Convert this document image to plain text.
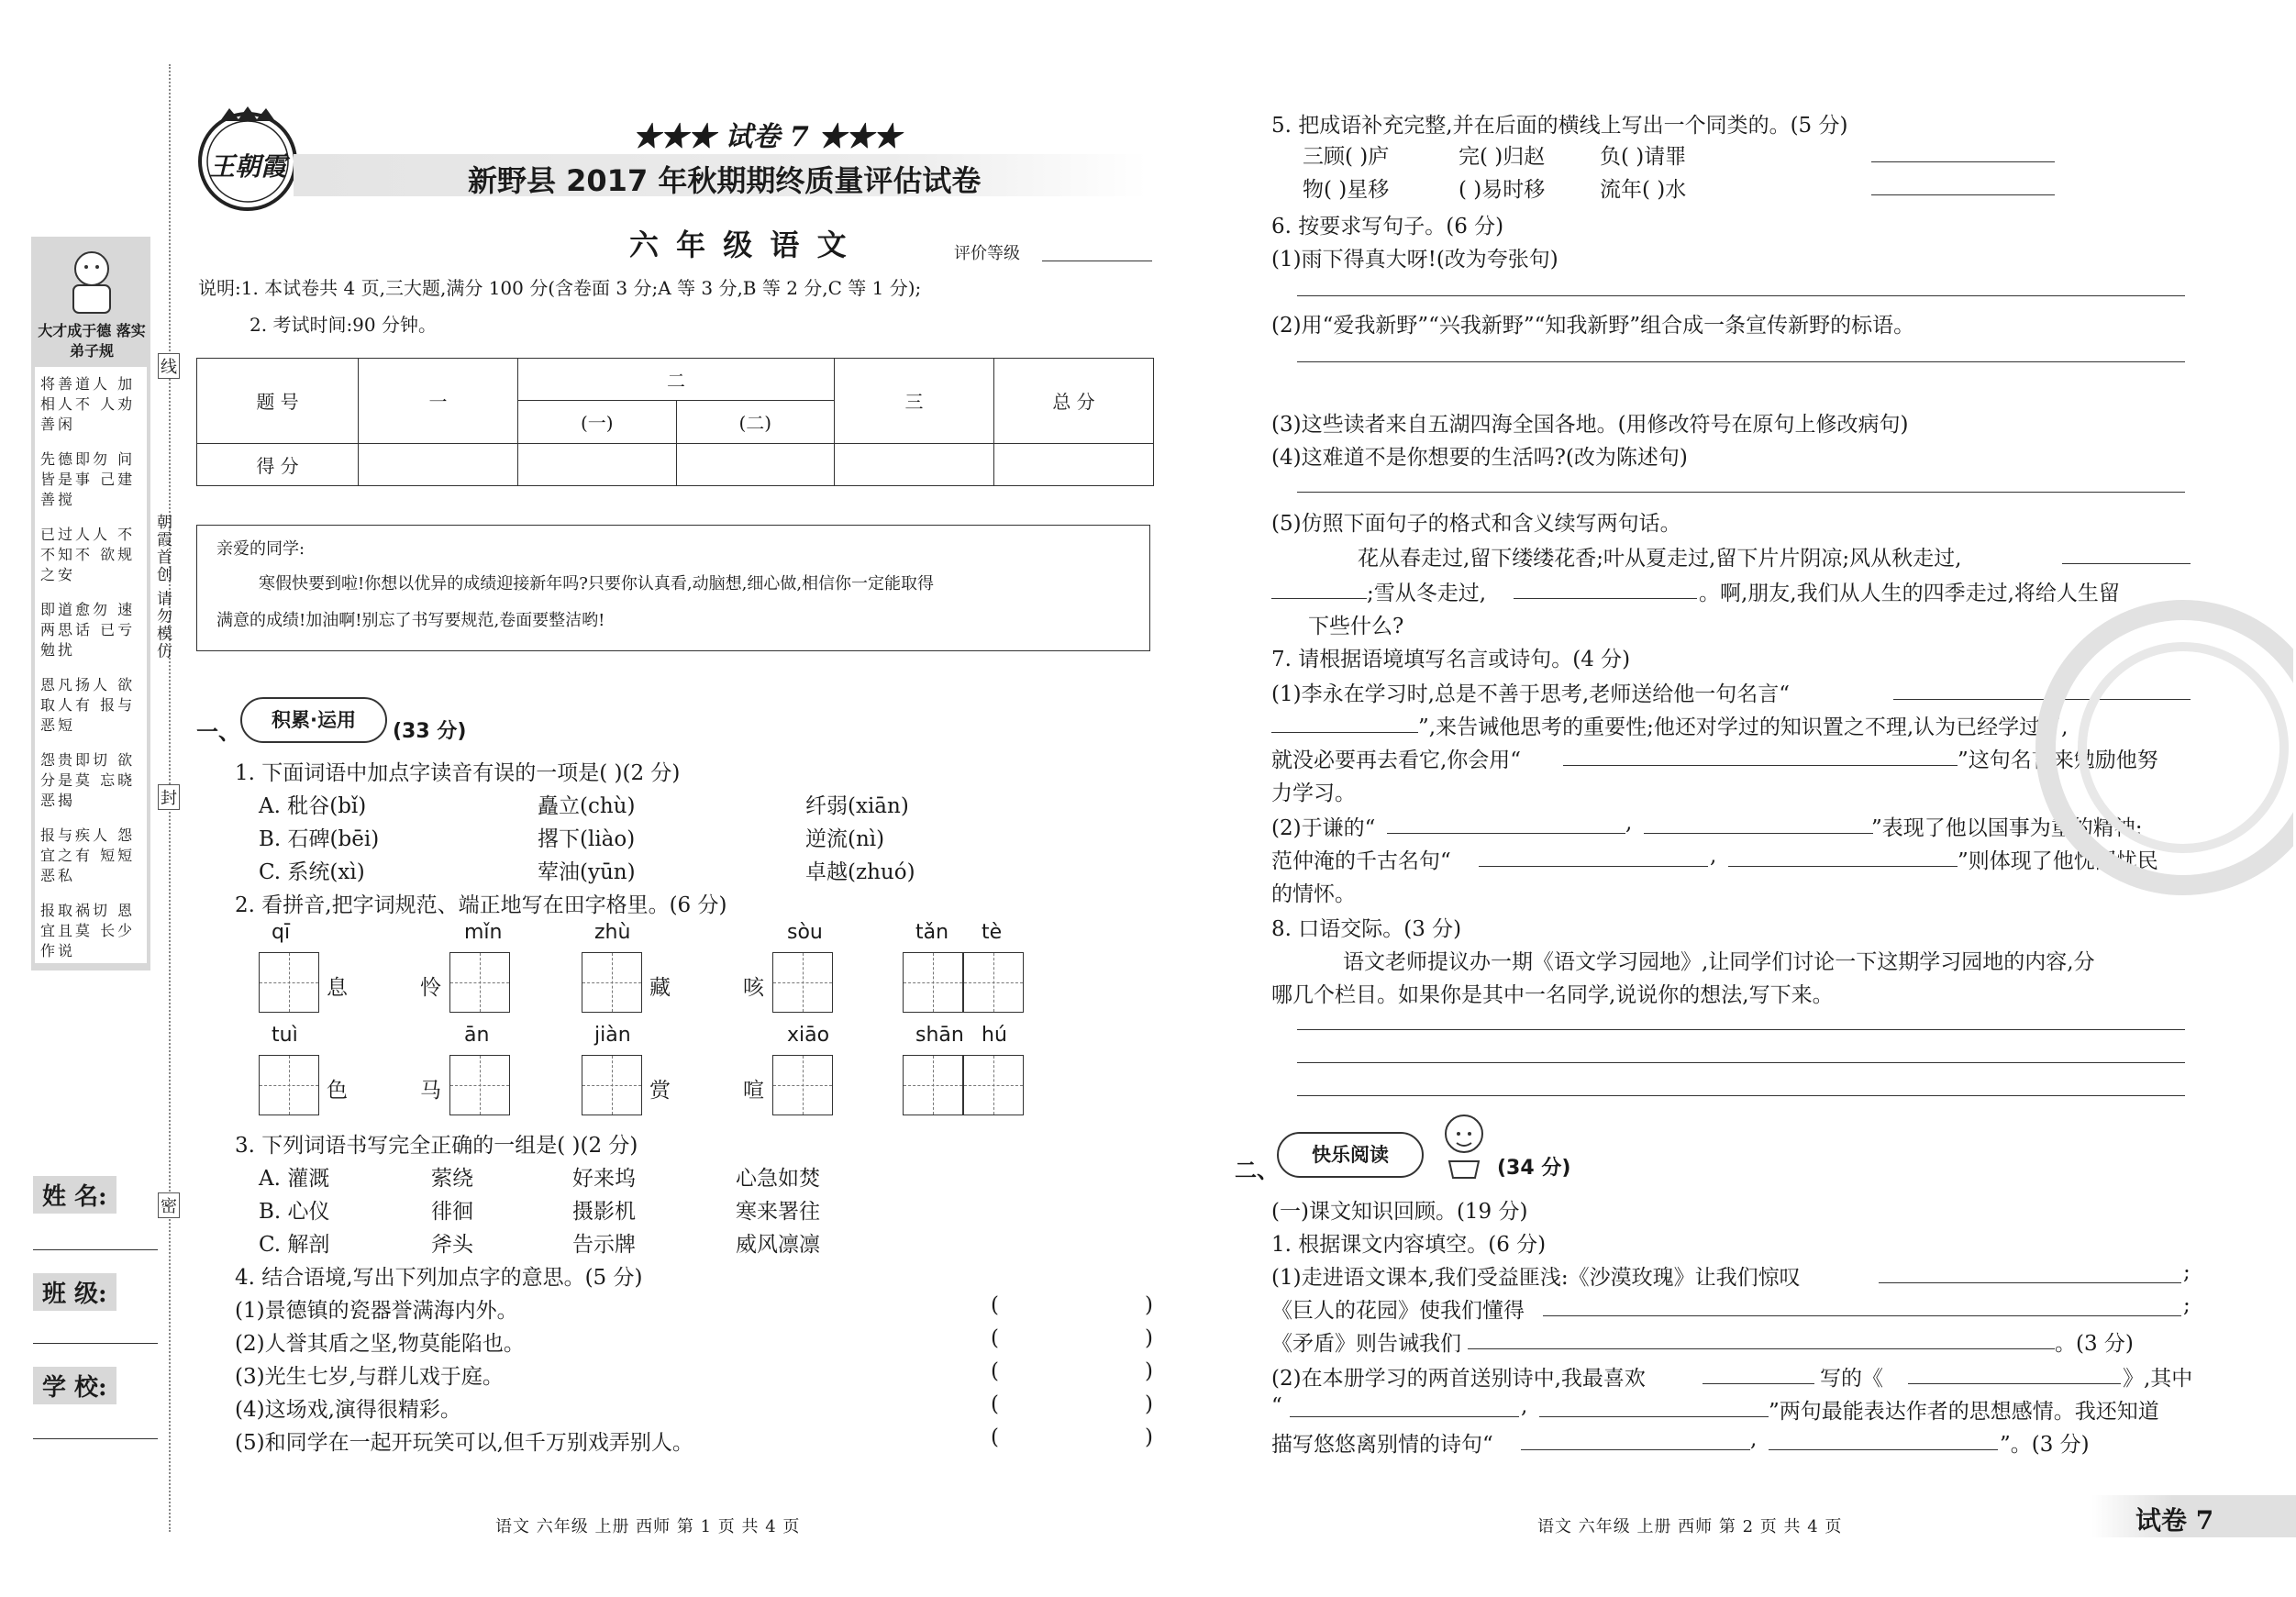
大才成于德 落实弟子规
将善道人 加相人不 人劝善闲
先德即勿 问皆是事 己建善搅
已过人人 不不知不 欲规之安
即道愈勿 速两思话 已亏勉扰
恩凡扬人 欲取人有 报与恶短
怨贵即切 欲分是莫 忘晓恶揭
报与疾人 怨宜之有 短短恶私
报取祸切 恩宜且莫 长少作说
线
封
密
朝霞首创 请勿模仿
姓 名:
班 级:
学 校:
王朝霞
★★★ 试卷 7 ★★★
新野县 2017 年秋期期终质量评估试卷
六 年 级 语 文	评价等级
说明:1. 本试卷共 4 页,三大题,满分 100 分(含卷面 3 分;A 等 3 分,B 等 2 分,C 等 1 分);
2. 考试时间:90 分钟。
题 号	一	二		三	总 分
		(一)	(二)		
得 分					
亲爱的同学:
寒假快要到啦!你想以优异的成绩迎接新年吗?只要你认真看,动脑想,细心做,相信你一定能取得
满意的成绩!加油啊!别忘了书写要规范,卷面要整洁哟!
一、	积累·运用	(33 分)
1. 下面词语中加点字读音有误的一项是( )(2 分)
A. 秕谷(bǐ)	矗立(chù)	纤弱(xiān)
B. 石碑(bēi)	撂下(liào)	逆流(nì)
C. 系统(xì)	荤油(yūn)	卓越(zhuó)
2. 看拼音,把字词规范、端正地写在田字格里。(6 分)
qī
息
mǐn
怜
zhù
藏
sòu
咳
tǎn tè
tuì
色
ān
马
jiàn
赏
xiāo
喧
shān hú
3. 下列词语书写完全正确的一组是( )(2 分)
A. 灌溉	萦绕	好来坞	心急如焚
B. 心仪	徘徊	摄影机	寒来署往
C. 解剖	斧头	告示牌	威风凛凛
4. 结合语境,写出下列加点字的意思。(5 分)
(1)景德镇的瓷器誉满海内外。	(	)
(2)人誉其盾之坚,物莫能陷也。	(	)
(3)光生七岁,与群儿戏于庭。	(	)
(4)这场戏,演得很精彩。	(	)
(5)和同学在一起开玩笑可以,但千万别戏弄别人。	(	)
语文 六年级 上册 西师 第 1 页 共 4 页
5. 把成语补充完整,并在后面的横线上写出一个同类的。(5 分)
三顾( )庐	完( )归赵	负( )请罪
物( )星移	( )易时移	流年( )水
6. 按要求写句子。(6 分)
(1)雨下得真大呀!(改为夸张句)
(2)用“爱我新野”“兴我新野”“知我新野”组合成一条宣传新野的标语。
(3)这些读者来自五湖四海全国各地。(用修改符号在原句上修改病句)
(4)这难道不是你想要的生活吗?(改为陈述句)
(5)仿照下面句子的格式和含义续写两句话。
花从春走过,留下缕缕花香;叶从夏走过,留下片片阴凉;风从秋走过,
;雪从冬走过,	。啊,朋友,我们从人生的四季走过,将给人生留
下些什么?
7. 请根据语境填写名言或诗句。(4 分)
(1)李永在学习时,总是不善于思考,老师送给他一句名言“
”,来告诫他思考的重要性;他还对学过的知识置之不理,认为已经学过了,
就没必要再去看它,你会用“	”这句名言来勉励他努
力学习。
(2)于谦的“	,	”表现了他以国事为重的精神;
范仲淹的千古名句“	,	”则体现了他忧国忧民
的情怀。
8. 口语交际。(3 分)
语文老师提议办一期《语文学习园地》,让同学们讨论一下这期学习园地的内容,分
哪几个栏目。如果你是其中一名同学,说说你的想法,写下来。
二、
快乐阅读
(34 分)
(一)课文知识回顾。(19 分)
1. 根据课文内容填空。(6 分)
(1)走进语文课本,我们受益匪浅:《沙漠玫瑰》让我们惊叹	;
《巨人的花园》使我们懂得	;
《矛盾》则告诫我们	。(3 分)
(2)在本册学习的两首送别诗中,我最喜欢	写的《	》,其中
“	,	”两句最能表达作者的思想感情。我还知道
描写悠悠离别情的诗句“	,	”。(3 分)
语文 六年级 上册 西师 第 2 页 共 4 页	试卷 7
